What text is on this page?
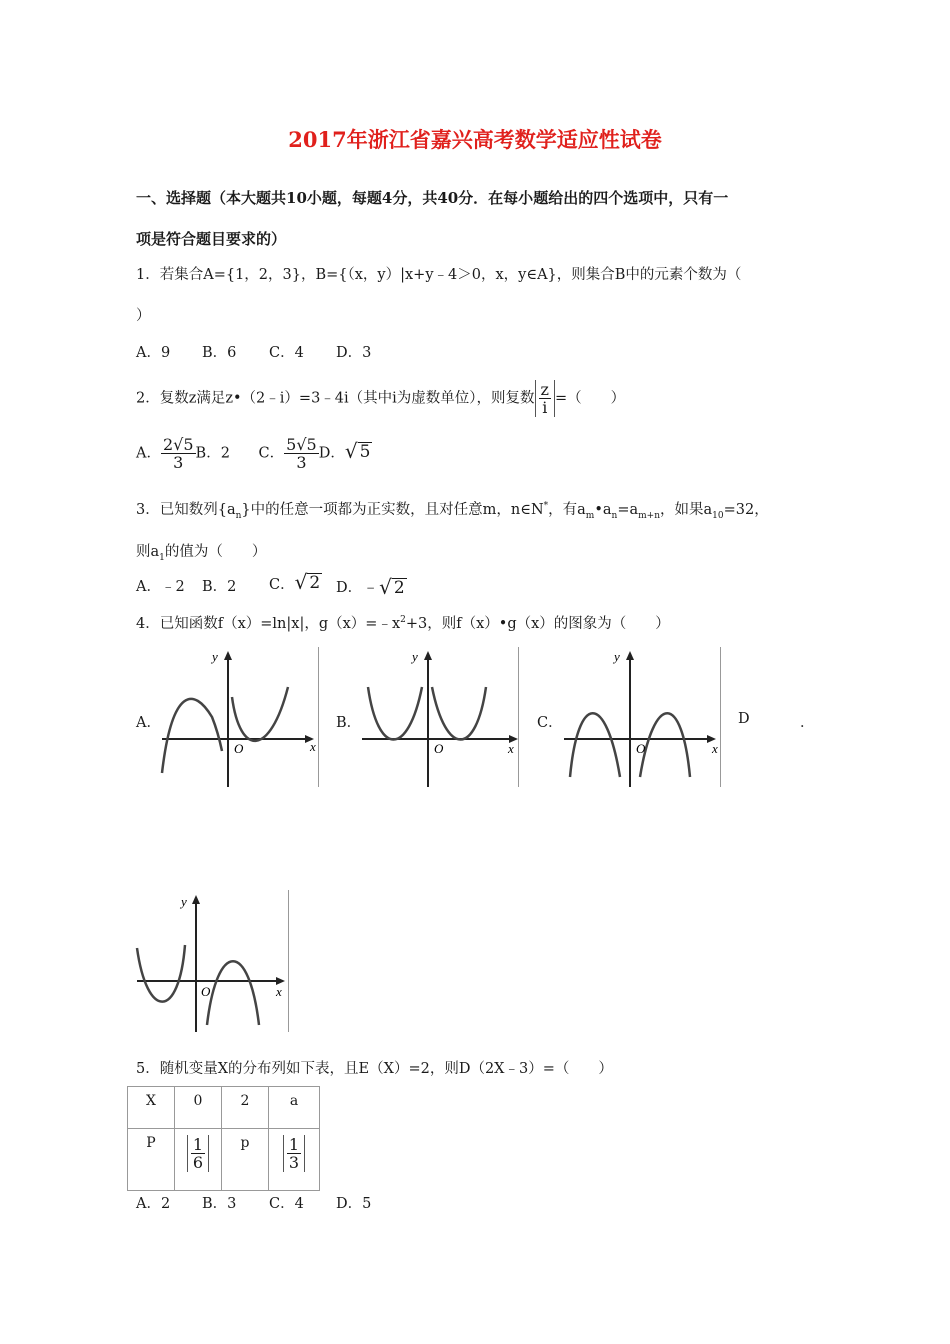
2017年浙江省嘉兴高考数学适应性试卷
一、选择题（本大题共10小题，每题4分，共40分．在每小题给出的四个选项中，只有一
项是符合题目要求的）
1．若集合A={1，2，3}，B={（x，y）|x+y﹣4＞0，x，y∈A}，则集合B中的元素个数为（
）
A．9 B．6 C．4 D．3
2．复数z满足z•（2﹣i）=3﹣4i（其中i为虚数单位），则复数 $\frac{z}{i}$ =（　　）
A． $\frac{2√5}{3}$ B．2 C． $\frac{5√5}{3}$ D． √ 5
3．已知数列$\{a_n\}$中的任意一项都为正实数，且对任意m，n∈N*，有$a_m•a_n=a_{m+n}$，如果$a_{10}=32$，
则$a_1$的值为（　　）
A．﹣2 B．2 C． √ 2 D． ﹣ √ 2
4．已知函数f（x）=ln|x|，$g(x)=﹣x^2+3$，则f（x）•g（x）的图象为（　　）
A．	B．	C．	D	．
x
y
O	x
y
O	x
y
O
x
y
O
5．随机变量X的分布列如下表，且E（X）=2，则D（2X﹣3）=（　　）
X	0	2	a
P	$\frac{1}{6}$	p	$\frac{1}{3}$
A．2 B．3 C．4 D．5
